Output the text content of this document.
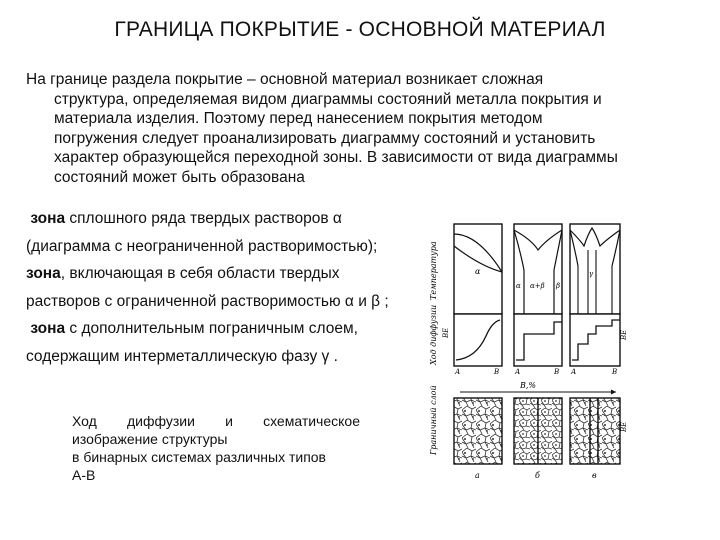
ГРАНИЦА ПОКРЫТИЕ - ОСНОВНОЙ МАТЕРИАЛ
На границе раздела покрытие – основной материал возникает сложная
структура, определяемая видом диаграммы состояний металла покрытия и
материала изделия. Поэтому перед нанесением покрытия методом
погружения следует проанализировать диаграмму состояний и установить
характер образующейся переходной зоны. В зависимости от вида диаграммы
состояний может быть образована
зона сплошного ряда твердых растворов α
(диаграмма с неограниченной растворимостью);
зона, включающая в себя области твердых
растворов с ограниченной растворимостью α и β ;
зона с дополнительным пограничным слоем,
содержащим интерметаллическую фазу γ .
Ход диффузии и схематическое
изображение структуры
в бинарных системах различных типов
А-В
Температура
Ход диффузии
Граничный слой
ВЕ	ВЕ
ВЕ
α
А	В
α α+β β
А	В
γ
А	В
В,%
а	б	в
